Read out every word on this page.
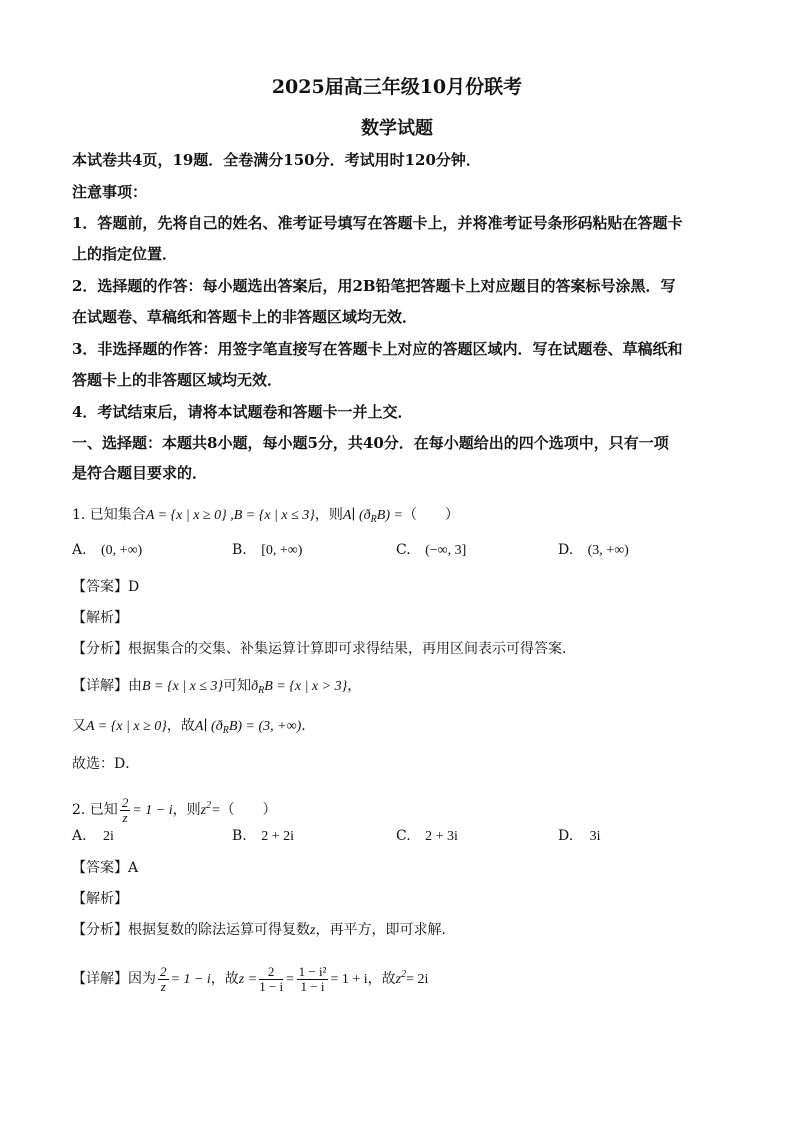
2025届高三年级10月份联考
数学试题
本试卷共4页，19题．全卷满分150分．考试用时120分钟．
注意事项：
1．答题前，先将自己的姓名、准考证号填写在答题卡上，并将准考证号条形码粘贴在答题卡
上的指定位置．
2．选择题的作答：每小题选出答案后，用2B铅笔把答题卡上对应题目的答案标号涂黑．写
在试题卷、草稿纸和答题卡上的非答题区域均无效．
3．非选择题的作答：用签字笔直接写在答题卡上对应的答题区域内．写在试题卷、草稿纸和
答题卡上的非答题区域均无效．
4．考试结束后，请将本试题卷和答题卡一并上交．
一、选择题：本题共8小题，每小题5分，共40分．在每小题给出的四个选项中，只有一项
是符合题目要求的．
1. 已知集合A = {x | x ≥ 0} ,B = {x | x ≤ 3}，则A∣ $(ð_RB)$ =（　　）
A. (0, +∞)	B. [0, +∞)	C. (−∞, 3]	D. (3, +∞)
【答案】D
【解析】
【分析】根据集合的交集、补集运算计算即可求得结果，再用区间表示可得答案.
【详解】由B = {x | x ≤ 3}可知$ð_RB = \{x$ | x > 3}，
又A = {x | x ≥ 0}，故A∣ $(ð_RB) = (3$, +∞)．
故选：D．
2. 已知 $\frac{2}{z} = 1 - i$，则$z^2=$（　　）
A. 2i	B. 2 + 2i	C. 2 + 3i	D. 3i
【答案】A
【解析】
【分析】根据复数的除法运算可得复数z，再平方，即可求解.
【详解】因为 $\frac{2}{z} = 1 - i$，故$z = \frac{2}{1 - i} = \frac{\text{1 − i²}}{1 - i} = 1 + i$，故$z^2= 2i$
